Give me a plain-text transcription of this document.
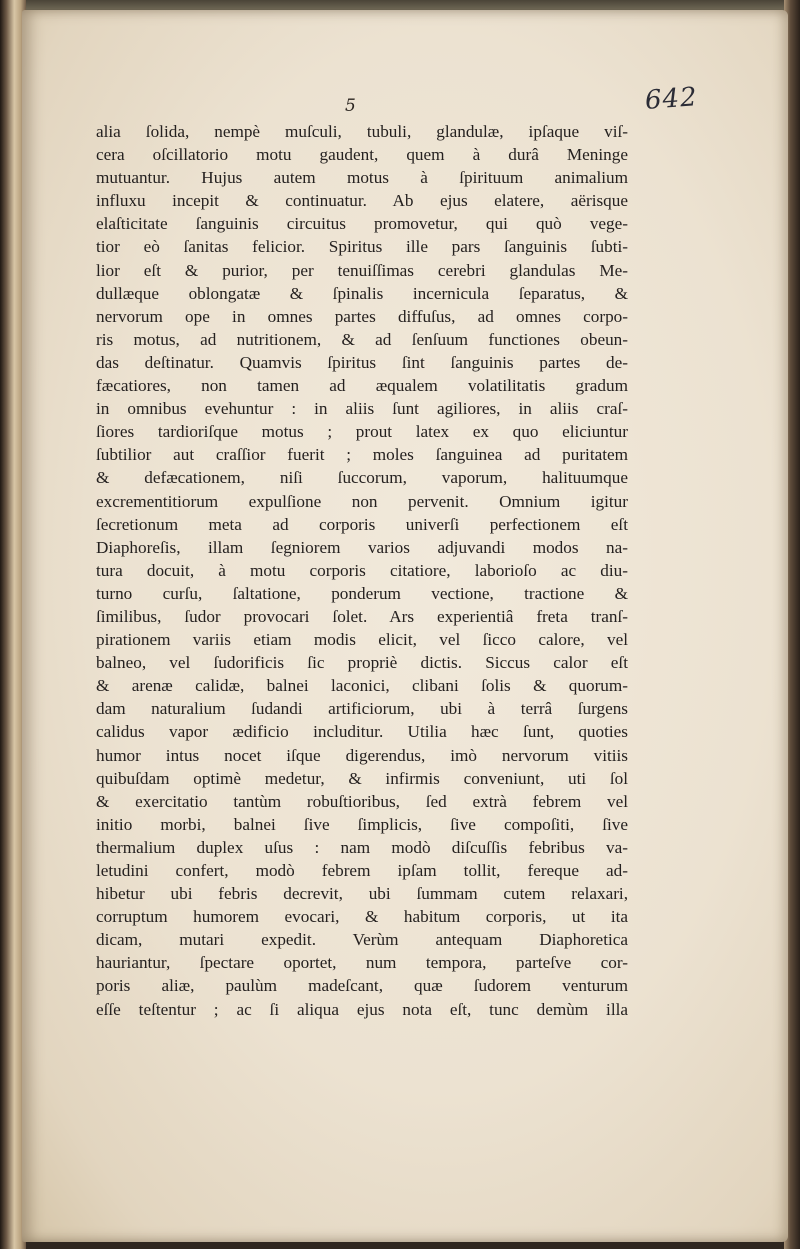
5	642
alia ſolida, nempè muſculi, tubuli, glandulæ, ipſaque viſ-
cera oſcillatorio motu gaudent, quem à durâ Meninge
mutuantur. Hujus autem motus à ſpirituum animalium
influxu incepit & continuatur. Ab ejus elatere, aërisque
elaſticitate ſanguinis circuitus promovetur, qui quò vege-
tior eò ſanitas felicior. Spiritus ille pars ſanguinis ſubti-
lior eſt & purior, per tenuiſſimas cerebri glandulas Me-
dullæque oblongatæ & ſpinalis incernicula ſeparatus, &
nervorum ope in omnes partes diffuſus, ad omnes corpo-
ris motus, ad nutritionem, & ad ſenſuum functiones obeun-
das deſtinatur. Quamvis ſpiritus ſint ſanguinis partes de-
fæcatiores, non tamen ad æqualem volatilitatis gradum
in omnibus evehuntur : in aliis ſunt agiliores, in aliis craſ-
ſiores tardioriſque motus ; prout latex ex quo eliciuntur
ſubtilior aut craſſior fuerit ; moles ſanguinea ad puritatem
& defæcationem, niſi ſuccorum, vaporum, halituumque
excrementitiorum expulſione non pervenit. Omnium igitur
ſecretionum meta ad corporis univerſi perfectionem eſt
Diaphoreſis, illam ſegniorem varios adjuvandi modos na-
tura docuit, à motu corporis citatiore, laborioſo ac diu-
turno curſu, ſaltatione, ponderum vectione, tractione &
ſimilibus, ſudor provocari ſolet. Ars experientiâ freta tranſ-
pirationem variis etiam modis elicit, vel ſicco calore, vel
balneo, vel ſudorificis ſic propriè dictis. Siccus calor eſt
& arenæ calidæ, balnei laconici, clibani ſolis & quorum-
dam naturalium ſudandi artificiorum, ubi à terrâ ſurgens
calidus vapor ædificio includitur. Utilia hæc ſunt, quoties
humor intus nocet iſque digerendus, imò nervorum vitiis
quibuſdam optimè medetur, & infirmis conveniunt, uti ſol
& exercitatio tantùm robuſtioribus, ſed extrà febrem vel
initio morbi, balnei ſive ſimplicis, ſive compoſiti, ſive
thermalium duplex uſus : nam modò diſcuſſis febribus va-
letudini confert, modò febrem ipſam tollit, fereque ad-
hibetur ubi febris decrevit, ubi ſummam cutem relaxari,
corruptum humorem evocari, & habitum corporis, ut ita
dicam, mutari expedit. Verùm antequam Diaphoretica
hauriantur, ſpectare oportet, num tempora, parteſve cor-
poris aliæ, paulùm madeſcant, quæ ſudorem venturum
eſſe teſtentur ; ac ſi aliqua ejus nota eſt, tunc demùm illa
